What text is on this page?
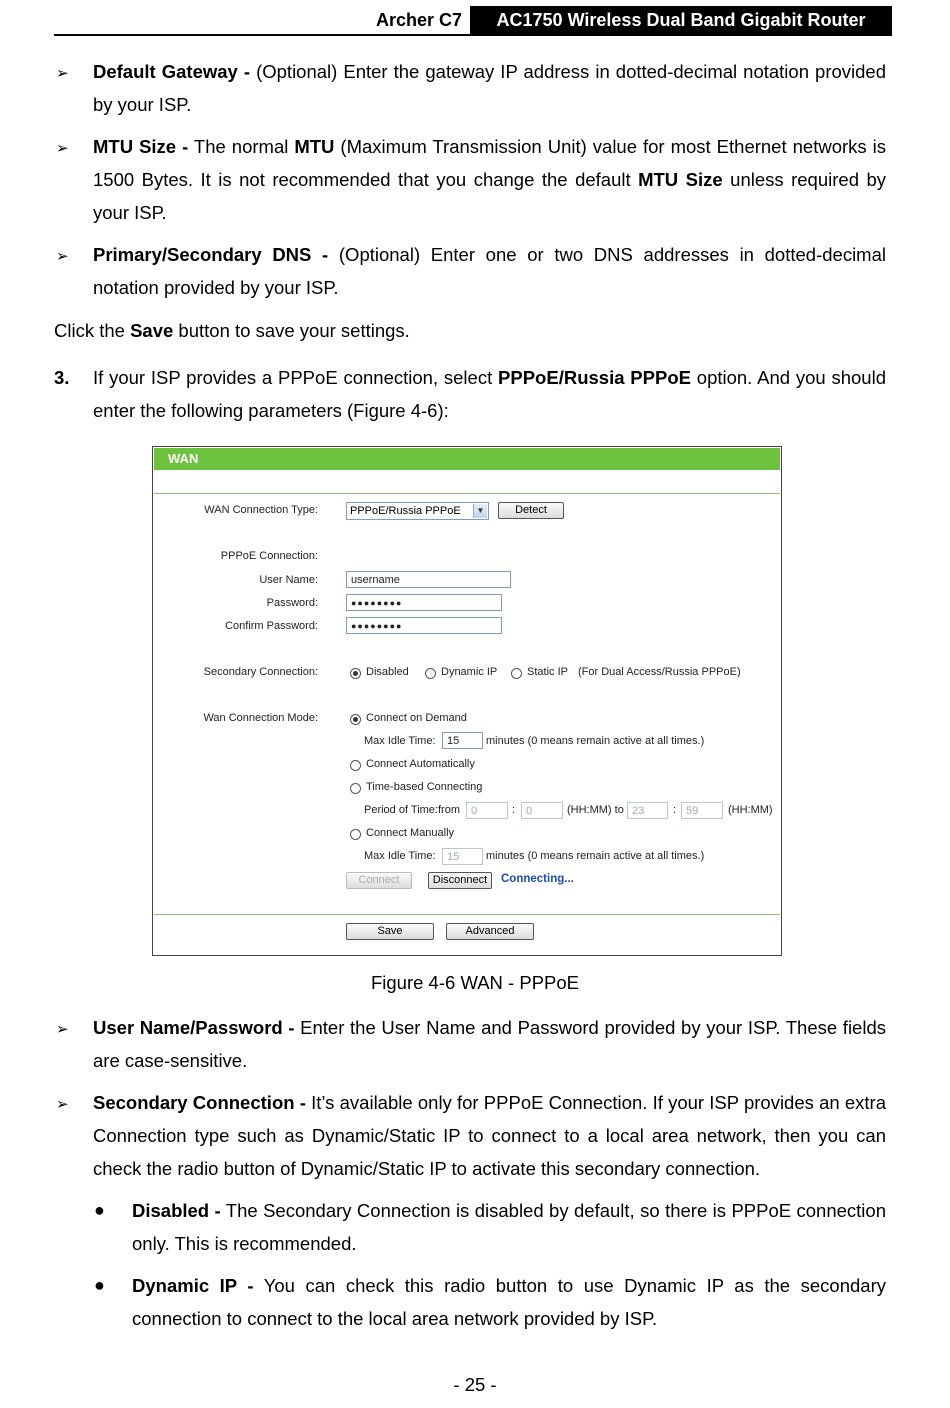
Archer C7	AC1750 Wireless Dual Band Gigabit Router
➢ Default Gateway - (Optional) Enter the gateway IP address in dotted-decimal notation provided by your ISP.
➢ MTU Size - The normal MTU (Maximum Transmission Unit) value for most Ethernet networks is 1500 Bytes. It is not recommended that you change the default MTU Size unless required by your ISP.
➢ Primary/Secondary DNS - (Optional) Enter one or two DNS addresses in dotted-decimal notation provided by your ISP.
Click the Save button to save your settings.
3. If your ISP provides a PPPoE connection, select PPPoE/Russia PPPoE option. And you should enter the following parameters (Figure 4-6):
WAN
WAN Connection Type:	PPPoE/Russia PPPoE	▼	Detect
PPPoE Connection:
User Name:	username
Password:	●●●●●●●●
Confirm Password:	●●●●●●●●
Secondary Connection:	Disabled	Dynamic IP	Static IP (For Dual Access/Russia PPPoE)
Wan Connection Mode:	Connect on Demand
Max Idle Time:	15	minutes (0 means remain active at all times.)
Connect Automatically
Time-based Connecting
Period of Time:from	0	: 0	(HH:MM) to 23	: 59	(HH:MM)
Connect Manually
Max Idle Time:	15	minutes (0 means remain active at all times.)
Connect	Disconnect	Connecting...
Save	Advanced
Figure 4-6 WAN - PPPoE
➢ User Name/Password - Enter the User Name and Password provided by your ISP. These fields are case-sensitive.
➢ Secondary Connection - It’s available only for PPPoE Connection. If your ISP provides an extra Connection type such as Dynamic/Static IP to connect to a local area network, then you can check the radio button of Dynamic/Static IP to activate this secondary connection.
● Disabled - The Secondary Connection is disabled by default, so there is PPPoE connection only. This is recommended.
● Dynamic IP - You can check this radio button to use Dynamic IP as the secondary connection to connect to the local area network provided by ISP.
- 25 -
